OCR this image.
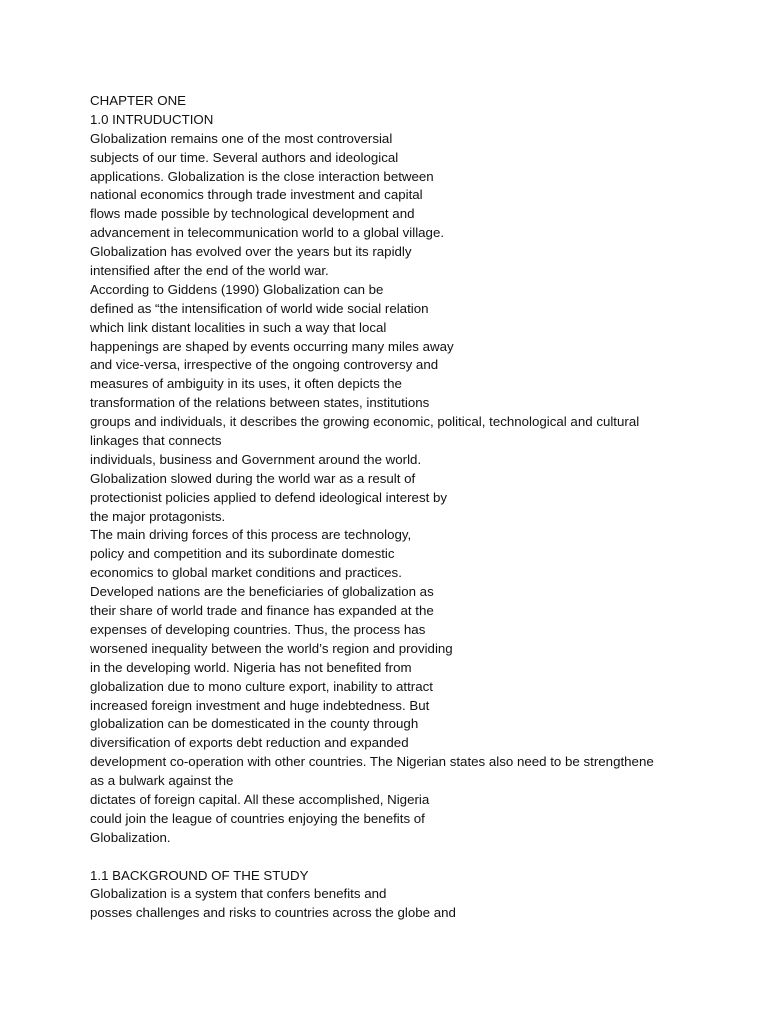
CHAPTER ONE
1.0 INTRUDUCTION
Globalization remains one of the most controversial
subjects of our time. Several authors and ideological
applications. Globalization is the close interaction between
national economics through trade investment and capital
flows made possible by technological development and
advancement in telecommunication world to a global village.
Globalization has evolved over the years but its rapidly
intensified after the end of the world war.
According to Giddens (1990) Globalization can be
defined as “the intensification of world wide social relation
which link distant localities in such a way that local
happenings are shaped by events occurring many miles away
and vice-versa, irrespective of the ongoing controversy and
measures of ambiguity in its uses, it often depicts the
transformation of the relations between states, institutions
groups and individuals, it describes the growing economic, political, technological and cultural
linkages that connects
individuals, business and Government around the world.
Globalization slowed during the world war as a result of
protectionist policies applied to defend ideological interest by
the major protagonists.
The main driving forces of this process are technology,
policy and competition and its subordinate domestic
economics to global market conditions and practices.
Developed nations are the beneficiaries of globalization as
their share of world trade and finance has expanded at the
expenses of developing countries. Thus, the process has
worsened inequality between the world’s region and providing
in the developing world. Nigeria has not benefited from
globalization due to mono culture export, inability to attract
increased foreign investment and huge indebtedness. But
globalization can be domesticated in the county through
diversification of exports debt reduction and expanded
development co-operation with other countries. The Nigerian states also need to be strengthene
as a bulwark against the
dictates of foreign capital. All these accomplished, Nigeria
could join the league of countries enjoying the benefits of
Globalization.
1.1 BACKGROUND OF THE STUDY
Globalization is a system that confers benefits and
posses challenges and risks to countries across the globe and
